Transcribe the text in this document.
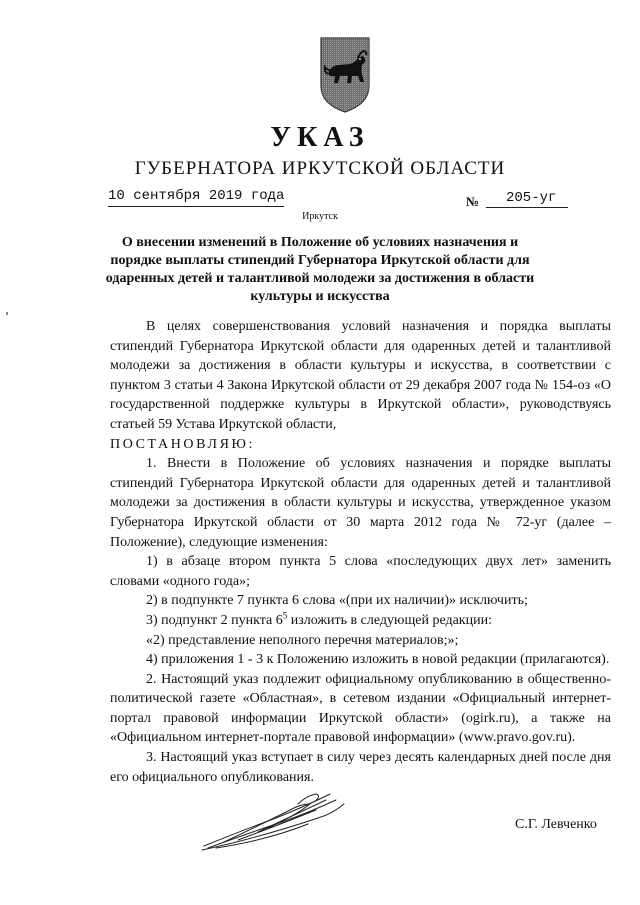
УКАЗ
ГУБЕРНАТОРА ИРКУТСКОЙ ОБЛАСТИ
10 сентября 2019 года	№ 205-уг
Иркутск

О внесении изменений в Положение об условиях назначения и порядке выплаты стипендий Губернатора Иркутской области для одаренных детей и талантливой молодежи за достижения в области культуры и искусства

В целях совершенствования условий назначения и порядка выплаты стипендий Губернатора Иркутской области для одаренных детей и талантливой молодежи за достижения в области культуры и искусства, в соответствии с пунктом 3 статьи 4 Закона Иркутской области от 29 декабря 2007 года № 154-оз «О государственной поддержке культуры в Иркутской области», руководствуясь статьей 59 Устава Иркутской области,

ПОСТАНОВЛЯЮ:

1. Внести в Положение об условиях назначения и порядке выплаты стипендий Губернатора Иркутской области для одаренных детей и талантливой молодежи за достижения в области культуры и искусства, утвержденное указом Губернатора Иркутской области от 30 марта 2012 года № 72-уг (далее – Положение), следующие изменения:

1) в абзаце втором пункта 5 слова «последующих двух лет» заменить словами «одного года»;

2) в подпункте 7 пункта 6 слова «(при их наличии)» исключить;

3) подпункт 2 пункта $6^5$ изложить в следующей редакции:

«2) представление неполного перечня материалов;»;

4) приложения 1 - 3 к Положению изложить в новой редакции (прилагаются).

2. Настоящий указ подлежит официальному опубликованию в общественно-политической газете «Областная», в сетевом издании «Официальный интернет-портал правовой информации Иркутской области» (ogirk.ru), а также на «Официальном интернет-портале правовой информации» (www.pravo.gov.ru).

3. Настоящий указ вступает в силу через десять календарных дней после дня его официального опубликования.

С.Г. Левченко
